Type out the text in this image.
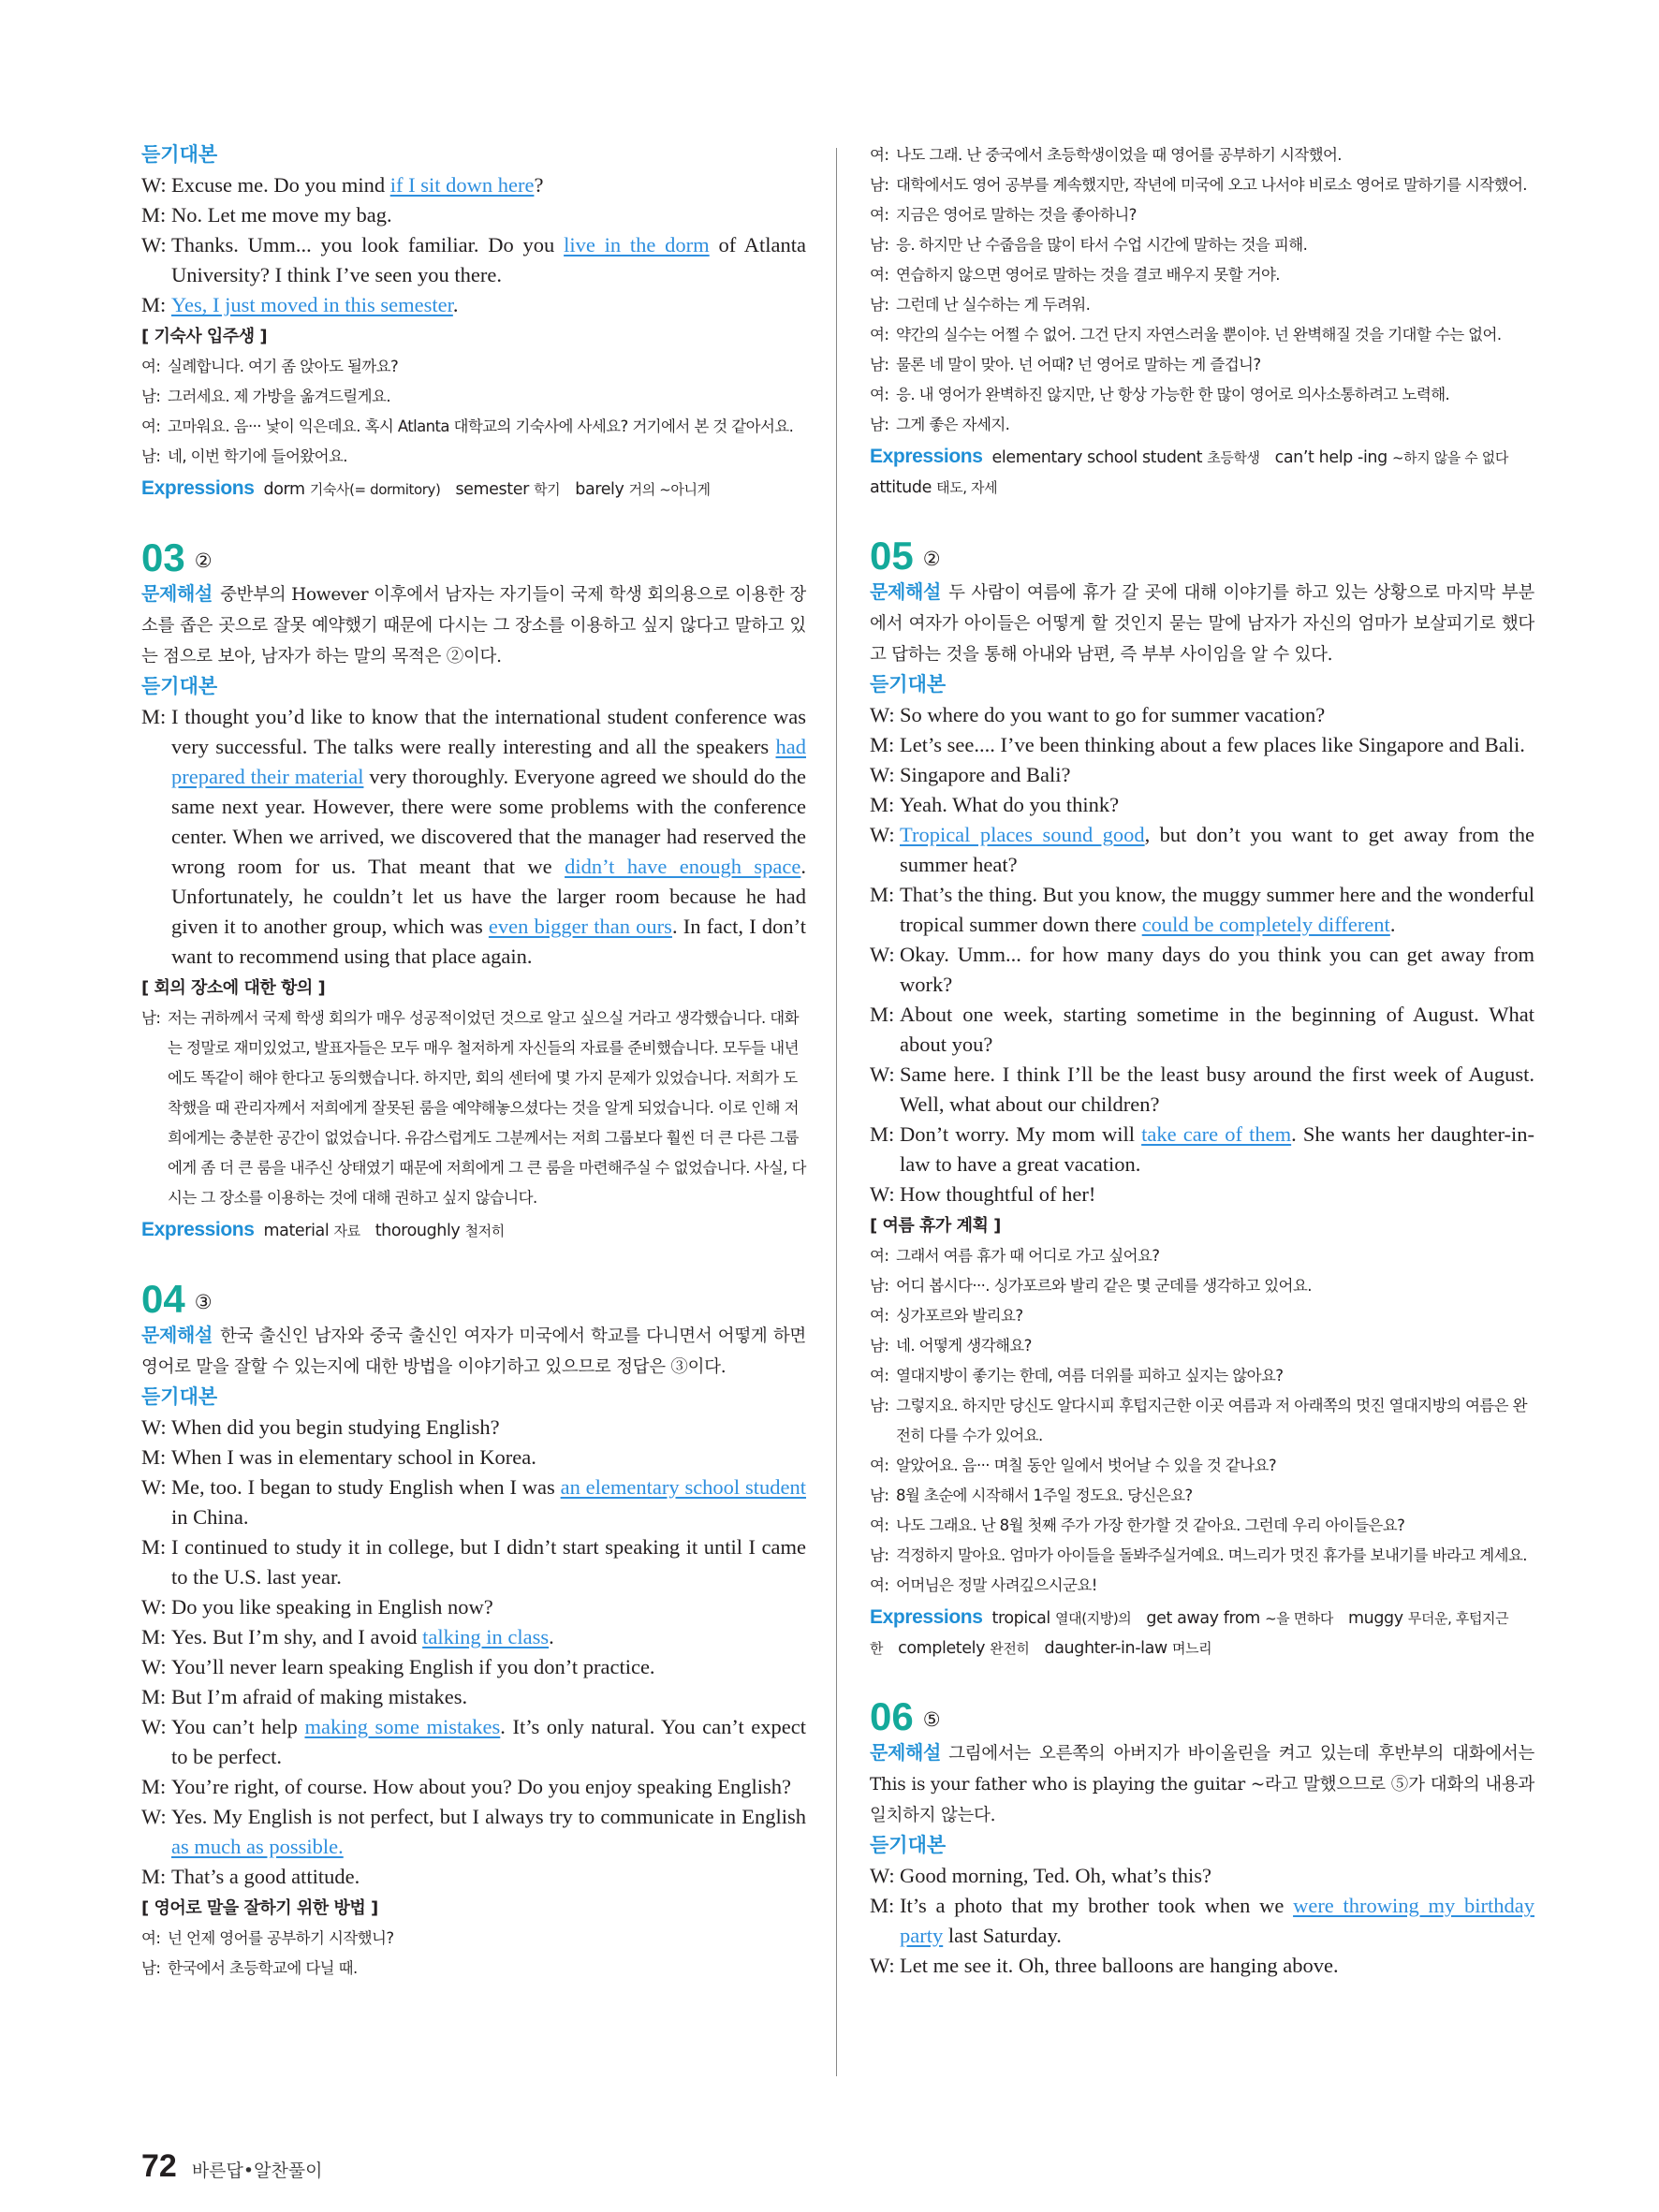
듣기대본
W: Excuse me. Do you mind if I sit down here?
M: No. Let me move my bag.
W: Thanks. Umm... you look familiar. Do you live in the dorm of Atlanta University? I think I’ve seen you there.
M: Yes, I just moved in this semester.
[ 기숙사 입주생 ]
여: 실례합니다. 여기 좀 앉아도 될까요?
남: 그러세요. 제 가방을 옮겨드릴게요.
여: 고마워요. 음··· 낯이 익은데요. 혹시 Atlanta 대학교의 기숙사에 사세요? 거기에서 본 것 같아서요.
남: 네, 이번 학기에 들어왔어요.
Expressions dorm 기숙사(= dormitory) semester 학기 barely 거의 ~아니게
03 ②
문제해설 중반부의 However 이후에서 남자는 자기들이 국제 학생 회의용으로 이용한 장소를 좁은 곳으로 잘못 예약했기 때문에 다시는 그 장소를 이용하고 싶지 않다고 말하고 있는 점으로 보아, 남자가 하는 말의 목적은 ②이다.
듣기대본
M: I thought you’d like to know that the international student conference was very successful. The talks were really interesting and all the speakers had prepared their material very thoroughly. Everyone agreed we should do the same next year. However, there were some problems with the conference center. When we arrived, we discovered that the manager had reserved the wrong room for us. That meant that we didn’t have enough space. Unfortunately, he couldn’t let us have the larger room because he had given it to another group, which was even bigger than ours. In fact, I don’t want to recommend using that place again.
[ 회의 장소에 대한 항의 ]
남: 저는 귀하께서 국제 학생 회의가 매우 성공적이었던 것으로 알고 싶으실 거라고 생각했습니다. 대화는 정말로 재미있었고, 발표자들은 모두 매우 철저하게 자신들의 자료를 준비했습니다. 모두들 내년에도 똑같이 해야 한다고 동의했습니다. 하지만, 회의 센터에 몇 가지 문제가 있었습니다. 저희가 도착했을 때 관리자께서 저희에게 잘못된 룸을 예약해놓으셨다는 것을 알게 되었습니다. 이로 인해 저희에게는 충분한 공간이 없었습니다. 유감스럽게도 그분께서는 저희 그룹보다 훨씬 더 큰 다른 그룹에게 좀 더 큰 룸을 내주신 상태였기 때문에 저희에게 그 큰 룸을 마련해주실 수 없었습니다. 사실, 다시는 그 장소를 이용하는 것에 대해 권하고 싶지 않습니다.
Expressions material 자료 thoroughly 철저히
04 ③
문제해설 한국 출신인 남자와 중국 출신인 여자가 미국에서 학교를 다니면서 어떻게 하면 영어로 말을 잘할 수 있는지에 대한 방법을 이야기하고 있으므로 정답은 ③이다.
듣기대본
W: When did you begin studying English?
M: When I was in elementary school in Korea.
W: Me, too. I began to study English when I was an elementary school student in China.
M: I continued to study it in college, but I didn’t start speaking it until I came to the U.S. last year.
W: Do you like speaking in English now?
M: Yes. But I’m shy, and I avoid talking in class.
W: You’ll never learn speaking English if you don’t practice.
M: But I’m afraid of making mistakes.
W: You can’t help making some mistakes. It’s only natural. You can’t expect to be perfect.
M: You’re right, of course. How about you? Do you enjoy speaking English?
W: Yes. My English is not perfect, but I always try to communicate in English as much as possible.
M: That’s a good attitude.
[ 영어로 말을 잘하기 위한 방법 ]
여: 넌 언제 영어를 공부하기 시작했니?
남: 한국에서 초등학교에 다닐 때.
여: 나도 그래. 난 중국에서 초등학생이었을 때 영어를 공부하기 시작했어.
남: 대학에서도 영어 공부를 계속했지만, 작년에 미국에 오고 나서야 비로소 영어로 말하기를 시작했어.
여: 지금은 영어로 말하는 것을 좋아하니?
남: 응. 하지만 난 수줍음을 많이 타서 수업 시간에 말하는 것을 피해.
여: 연습하지 않으면 영어로 말하는 것을 결코 배우지 못할 거야.
남: 그런데 난 실수하는 게 두려워.
여: 약간의 실수는 어쩔 수 없어. 그건 단지 자연스러울 뿐이야. 넌 완벽해질 것을 기대할 수는 없어.
남: 물론 네 말이 맞아. 넌 어때? 넌 영어로 말하는 게 즐겁니?
여: 응. 내 영어가 완벽하진 않지만, 난 항상 가능한 한 많이 영어로 의사소통하려고 노력해.
남: 그게 좋은 자세지.
Expressions elementary school student 초등학생 can’t help -ing ~하지 않을 수 없다attitude 태도, 자세
05 ②
문제해설 두 사람이 여름에 휴가 갈 곳에 대해 이야기를 하고 있는 상황으로 마지막 부분에서 여자가 아이들은 어떻게 할 것인지 묻는 말에 남자가 자신의 엄마가 보살피기로 했다고 답하는 것을 통해 아내와 남편, 즉 부부 사이임을 알 수 있다.
듣기대본
W: So where do you want to go for summer vacation?
M: Let’s see.... I’ve been thinking about a few places like Singapore and Bali.
W: Singapore and Bali?
M: Yeah. What do you think?
W: Tropical places sound good, but don’t you want to get away from the summer heat?
M: That’s the thing. But you know, the muggy summer here and the wonderful tropical summer down there could be completely different.
W: Okay. Umm... for how many days do you think you can get away from work?
M: About one week, starting sometime in the beginning of August. What about you?
W: Same here. I think I’ll be the least busy around the first week of August. Well, what about our children?
M: Don’t worry. My mom will take care of them. She wants her daughter-in-law to have a great vacation.
W: How thoughtful of her!
[ 여름 휴가 계획 ]
여: 그래서 여름 휴가 때 어디로 가고 싶어요?
남: 어디 봅시다···. 싱가포르와 발리 같은 몇 군데를 생각하고 있어요.
여: 싱가포르와 발리요?
남: 네. 어떻게 생각해요?
여: 열대지방이 좋기는 한데, 여름 더위를 피하고 싶지는 않아요?
남: 그렇지요. 하지만 당신도 알다시피 후텁지근한 이곳 여름과 저 아래쪽의 멋진 열대지방의 여름은 완전히 다를 수가 있어요.
여: 알았어요. 음··· 며칠 동안 일에서 벗어날 수 있을 것 같나요?
남: 8월 초순에 시작해서 1주일 정도요. 당신은요?
여: 나도 그래요. 난 8월 첫째 주가 가장 한가할 것 같아요. 그런데 우리 아이들은요?
남: 걱정하지 말아요. 엄마가 아이들을 돌봐주실거예요. 며느리가 멋진 휴가를 보내기를 바라고 계세요.
여: 어머님은 정말 사려깊으시군요!
Expressions tropical 열대(지방)의 get away from ~을 면하다 muggy 무더운, 후텁지근한 completely 완전히 daughter-in-law 며느리
06 ⑤
문제해설 그림에서는 오른쪽의 아버지가 바이올린을 켜고 있는데 후반부의 대화에서는 This is your father who is playing the guitar ~라고 말했으므로 ⑤가 대화의 내용과 일치하지 않는다.
듣기대본
W: Good morning, Ted. Oh, what’s this?
M: It’s a photo that my brother took when we were throwing my birthday party last Saturday.
W: Let me see it. Oh, three balloons are hanging above.
72 바른답•알찬풀이
